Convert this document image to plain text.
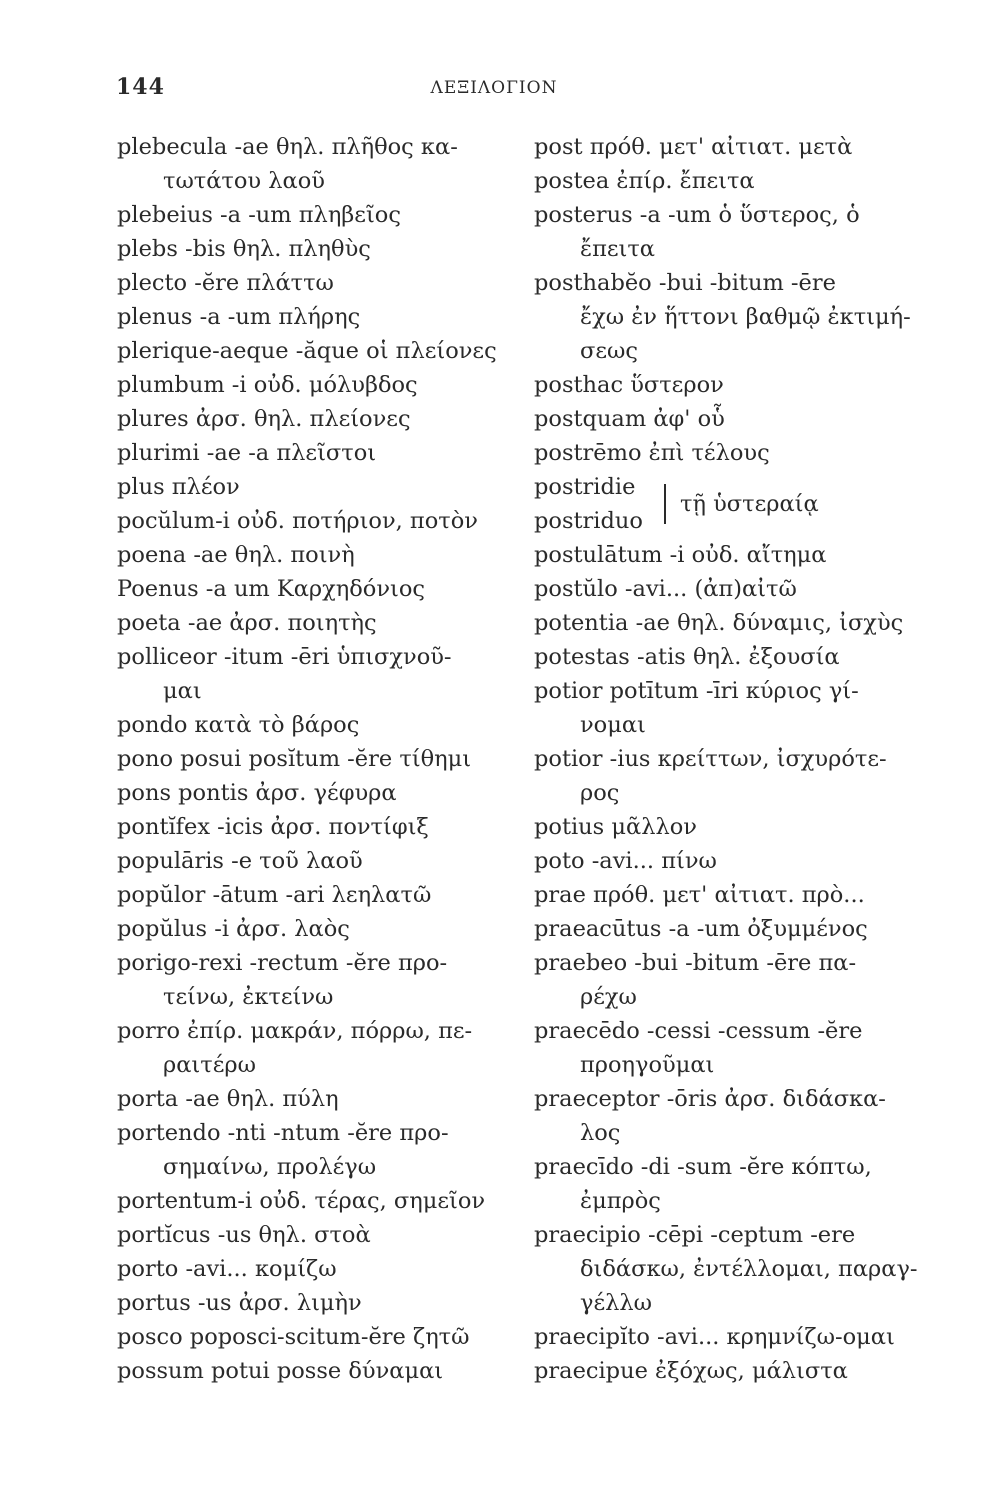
144	ΛΕΞΙΛΟΓΙΟΝ
plebecula -ae θηλ. πλῆθος κα-
τωτάτου λαοῦ
plebeius -a -um πληβεῖος
plebs -bis θηλ. πληθὺς
plecto -ĕre πλάττω
plenus -a -um πλήρης
plerique-aeque -ăque οἱ πλείονες
plumbum -i οὐδ. μόλυβδος
plures ἀρσ. θηλ. πλείονες
plurimi -ae -a πλεῖστοι
plus πλέον
pocŭlum-i οὐδ. ποτήριον, ποτὸν
poena -ae θηλ. ποινὴ
Poenus -a um Καρχηδόνιος
poeta -ae ἀρσ. ποιητὴς
polliceor -itum -ēri ὑπισχνοῦ-
μαι
pondo κατὰ τὸ βάρος
pono posui posĭtum -ĕre τίθημι
pons pontis ἀρσ. γέφυρα
pontĭfex -icis ἀρσ. ποντίφιξ
populāris -e τοῦ λαοῦ
popŭlor -ātum -ari λεηλατῶ
popŭlus -i ἀρσ. λαὸς
porigo-rexi -rectum -ĕre προ-
τείνω, ἐκτείνω
porro ἐπίρ. μακράν, πόρρω, πε-
ραιτέρω
porta -ae θηλ. πύλη
portendo -nti -ntum -ĕre προ-
σημαίνω, προλέγω
portentum-i οὐδ. τέρας, σημεῖον
portĭcus -us θηλ. στοὰ
porto -avi... κομίζω
portus -us ἀρσ. λιμὴν
posco poposci-scitum-ĕre ζητῶ
possum potui posse δύναμαι
post πρόθ. μετ' αἰτιατ. μετὰ
postea ἐπίρ. ἔπειτα
posterus -a -um ὁ ὕστερος, ὁ
ἔπειτα
posthabĕo -bui -bitum -ēre
ἔχω ἐν ἥττονι βαθμῷ ἐκτιμή-
σεως
posthac ὕστερον
postquam ἀφ' οὗ
postrēmo ἐπὶ τέλους
postridie
postriduo
τῇ ὑστεραίᾳ
postulātum -i οὐδ. αἴτημα
postŭlo -avi... (ἀπ)αἰτῶ
potentia -ae θηλ. δύναμις, ἰσχὺς
potestas -atis θηλ. ἐξουσία
potior potītum -īri κύριος γί-
νομαι
potior -ius κρείττων, ἰσχυρότε-
ρος
potius μᾶλλον
poto -avi... πίνω
prae πρόθ. μετ' αἰτιατ. πρὸ...
praeacūtus -a -um ὀξυμμένος
praebeo -bui -bitum -ēre πα-
ρέχω
praecēdo -cessi -cessum -ĕre
προηγοῦμαι
praeceptor -ōris ἀρσ. διδάσκα-
λος
praecīdo -di -sum -ĕre κόπτω,
ἐμπρὸς
praecipio -cēpi -ceptum -ere
διδάσκω, ἐντέλλομαι, παραγ-
γέλλω
praecipĭto -avi... κρημνίζω-ομαι
praecipue ἐξόχως, μάλιστα
